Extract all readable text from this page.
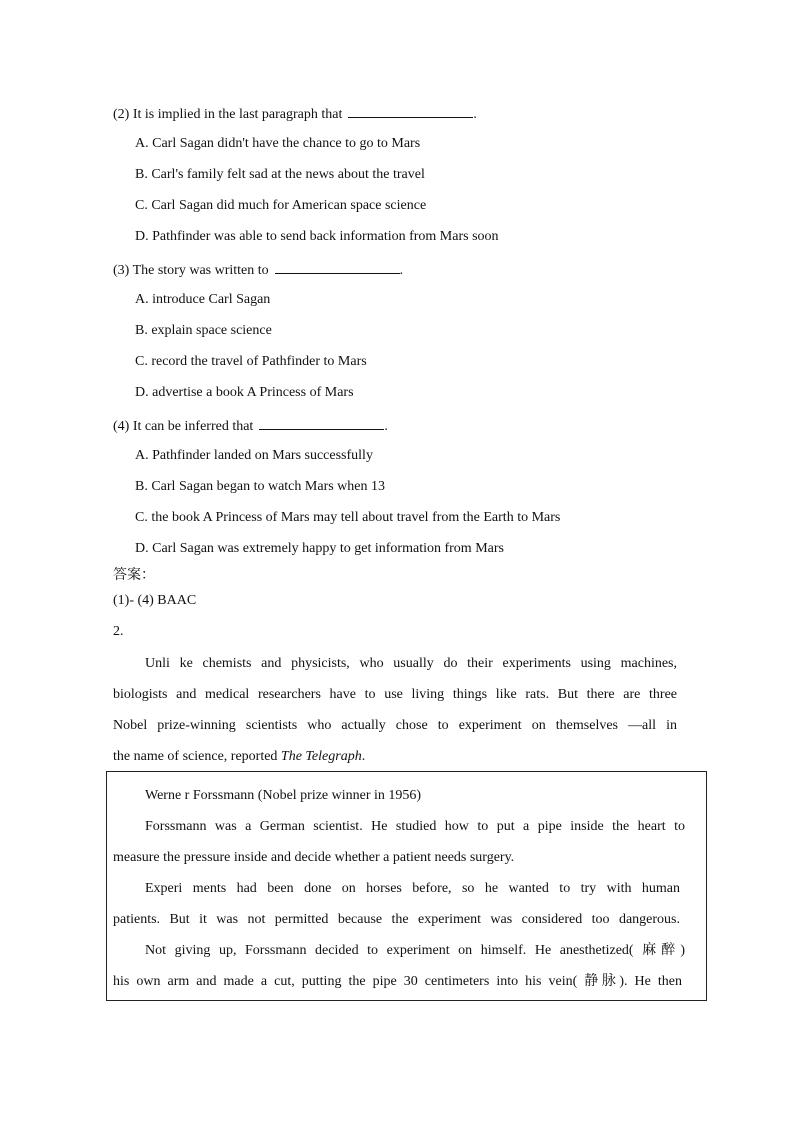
(2) It is implied in the last paragraph that	.
A. Carl Sagan didn't have the chance to go to Mars
B. Carl's family felt sad at the news about the travel
C. Carl Sagan did much for American space science
D. Pathfinder was able to send back information from Mars soon
(3) The story was written to	.
A. introduce Carl Sagan
B. explain space science
C. record the travel of Pathfinder to Mars
D. advertise a book A Princess of Mars
(4) It can be inferred that	.
A. Pathfinder landed on Mars successfully
B. Carl Sagan began to watch Mars when 13
C. the book A Princess of Mars may tell about travel from the Earth to Mars
D. Carl Sagan was extremely happy to get information from Mars
答案：
(1)- (4) BAAC
2.
Unli ke chemists and physicists, who usually do their experiments using machines,
biologists and medical researchers have to use living things like rats. But there are three
Nobel prize-winning scientists who actually chose to experiment on themselves —all in
the name of science, reported The Telegraph.
Werne r Forssmann (Nobel prize winner in 1956)
Forssmann was a German scientist. He studied how to put a pipe inside the heart to
measure the pressure inside and decide whether a patient needs surgery.
Experi ments had been done on horses before, so he wanted to try with human
patients. But it was not permitted because the experiment was considered too dangerous.
Not giving up, Forssmann decided to experiment on himself. He anesthetized( 麻醉)
his own arm and made a cut, putting the pipe 30 centimeters into his vein( 静脉). He then
